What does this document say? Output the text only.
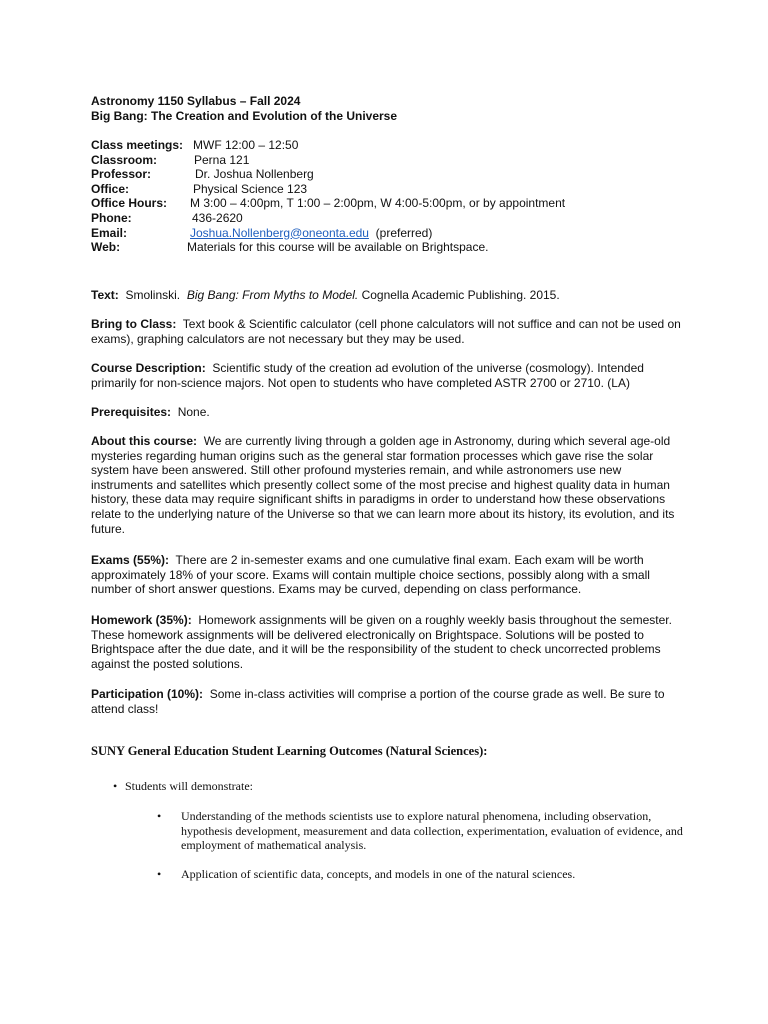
Astronomy 1150 Syllabus – Fall 2024
Big Bang: The Creation and Evolution of the Universe
Class meetings: MWF 12:00 – 12:50
Classroom:	Perna 121
Professor:	Dr. Joshua Nollenberg
Office:	Physical Science 123
Office Hours: M 3:00 – 4:00pm, T 1:00 – 2:00pm, W 4:00-5:00pm, or by appointment
Phone:	436-2620
Email:	Joshua.Nollenberg@oneonta.edu (preferred)
Web:	Materials for this course will be available on Brightspace.

Text: Smolinski. Big Bang: From Myths to Model. Cognella Academic Publishing. 2015.

Bring to Class: Text book & Scientific calculator (cell phone calculators will not suffice and can not be used on exams), graphing calculators are not necessary but they may be used.

Course Description: Scientific study of the creation ad evolution of the universe (cosmology). Intended primarily for non-science majors. Not open to students who have completed ASTR 2700 or 2710. (LA)

Prerequisites: None.

About this course: We are currently living through a golden age in Astronomy, during which several age-old mysteries regarding human origins such as the general star formation processes which gave rise the solar system have been answered. Still other profound mysteries remain, and while astronomers use new instruments and satellites which presently collect some of the most precise and highest quality data in human history, these data may require significant shifts in paradigms in order to understand how these observations relate to the underlying nature of the Universe so that we can learn more about its history, its evolution, and its future.

Exams (55%): There are 2 in-semester exams and one cumulative final exam. Each exam will be worth approximately 18% of your score. Exams will contain multiple choice sections, possibly along with a small number of short answer questions. Exams may be curved, depending on class performance.

Homework (35%): Homework assignments will be given on a roughly weekly basis throughout the semester. These homework assignments will be delivered electronically on Brightspace. Solutions will be posted to Brightspace after the due date, and it will be the responsibility of the student to check uncorrected problems against the posted solutions.

Participation (10%): Some in-class activities will comprise a portion of the course grade as well. Be sure to attend class!

SUNY General Education Student Learning Outcomes (Natural Sciences):
• Students will demonstrate:
• Understanding of the methods scientists use to explore natural phenomena, including observation, hypothesis development, measurement and data collection, experimentation, evaluation of evidence, and employment of mathematical analysis.
• Application of scientific data, concepts, and models in one of the natural sciences.
